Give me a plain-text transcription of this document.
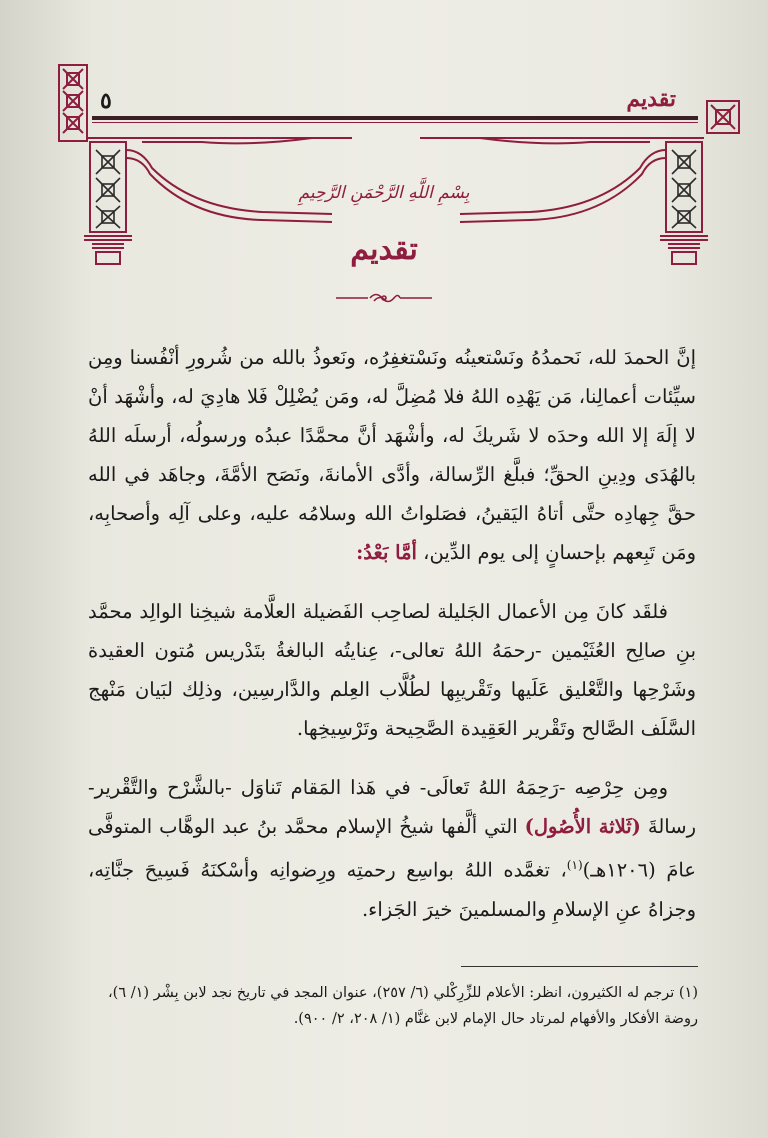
٥	تقديم
بِسْمِ اللَّهِ الرَّحْمَنِ الرَّحِيمِ
تقديم

إنَّ الحمدَ لله، نَحمدُهُ ونَسْتعينُه ونَسْتغفِرُه، ونَعوذُ بالله من شُرورِ أنْفُسنا ومِن سيِّئات أعمالِنا، مَن يَهْدِه اللهُ فلا مُضِلَّ له، ومَن يُضْلِلْ فَلا هادِيَ له، وأشْهَد أنْ لا إلَهَ إلا الله وحدَه لا شَريكَ له، وأشْهَد أنَّ محمَّدًا عبدُه ورسولُه، أرسلَه اللهُ بالهُدَى ودِينِ الحقِّ؛ فبلَّغ الرِّسالة، وأدَّى الأمانةَ، ونَصَح الأمَّةَ، وجاهَد في الله حقَّ جِهادِه حتَّى أتاهُ اليَقينُ، فصَلواتُ الله وسلامُه عليه، وعلى آلِه وأصحابِه، ومَن تَبِعهم بإحسانٍ إلى يوم الدِّين، أمَّا بَعْدُ:

فلقَد كانَ مِن الأعمال الجَليلة لصاحِب الفَضيلة العلَّامة شيخِنا الوالِد محمَّد بنِ صالِح العُثَيْمين -رحمَهُ اللهُ تعالى-، عِنايتُه البالغةُ بتَدْريس مُتون العقيدة وشَرْحِها والتَّعْليق عَلَيها وتَقْريبِها لطُلَّاب العِلم والدَّارسِين، وذلِك لبَيان مَنْهج السَّلَف الصَّالح وتَقْرير العَقِيدة الصَّحِيحة وتَرْسِيخِها.

ومِن حِرْصِه -رَحِمَهُ اللهُ تَعالَى- في هَذا المَقام تَناوَل -بالشَّرْح والتَّقْرير- رسالةَ (ثَلاثة الأُصُول) التي ألَّفها شيخُ الإسلام محمَّد بنُ عبد الوهَّاب المتوفَّى عامَ (١٢٠٦هـ)$^{(١)}$، تغمَّده اللهُ بواسِع رحمتِه ورِضوانِه وأسْكنَهُ فَسِيحَ جنَّاتِه، وجزاهُ عنِ الإسلامِ والمسلمينَ خيرَ الجَزاء.

(١) ترجم له الكثيرون، انظر: الأعلام للزِّرِكْلي (٦/ ٢٥٧)، عنوان المجد في تاريخ نجد لابن بِشْر (١/ ٦)، روضة الأفكار والأفهام لمرتاد حال الإمام لابن غنَّام (١/ ٢٠٨، ٢/ ٩٠٠).
